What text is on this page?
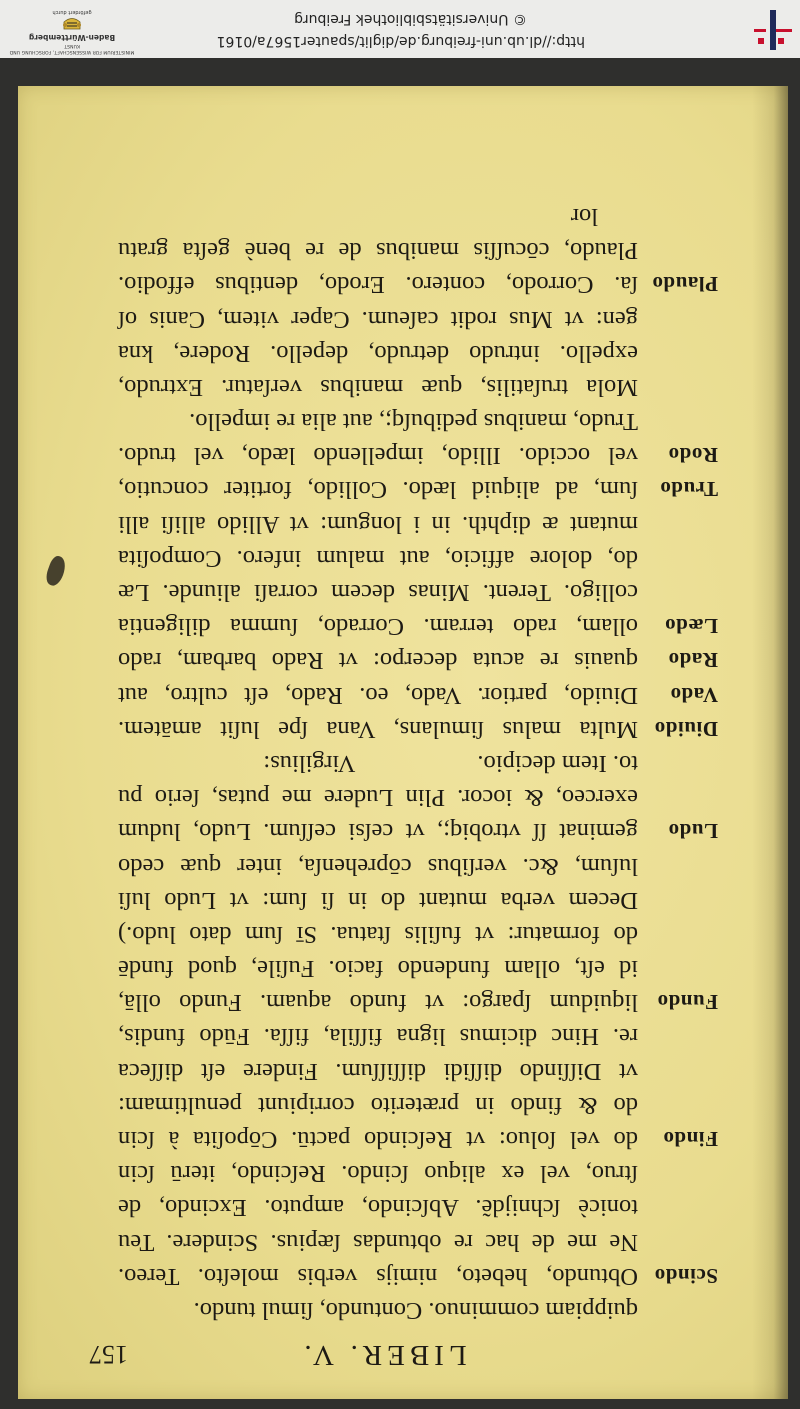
MINISTERIUM FÜR WISSENSCHAFT, FORSCHUNG UND KUNST
Baden-Württemberg
gefördert durch
http://dl.ub.uni-freiburg.de/diglit/spauter1567a/0161
© Universitätsbibliothek Freiburg
LIBER. V.
157
quippiam comminuo. Contundo, ſimul tundo.
Scindo
Obtundo, hebeto, nimijs verbis moleſto. Tereo.
Ne me de hac re obtundas ſæpius. Scindere. Teu
tonicè ſchnijdẽ. Abſcindo, amputo. Excindo, de
ſtruo, vel ex aliquo ſcindo. Reſcindo, iterū ſcin
Findo
do vel ſoluo: vt Reſcindo pactū. Cōpoſita à ſcin
do & findo in præterito corripiunt penultimam:
vt Diſſindo diſſidi diſſiſſum. Findere eſt diſſeca
re. Hinc dicimus ligna fiſſila, fiſſa. Fūdo fundis,
Fundo
liquidum ſpargo: vt fundo aquam. Fundo ollā,
id eſt, ollam fundendo facio. Fuſile, quod fundē
do formatur: vt fuſilis ſtatua. Sī ſum dato ludo.)
Decem verba mutant do in ſi ſum: vt Ludo luſi
luſum, &c. verſibus cōprehenſa, inter quæ cedo
Ludo
geminat ſſ vtrobiq;, vt ceſsi ceſſum. Ludo, ludum
exerceo, & iocor. Plin Ludere me putas, ſerio pu
to. Item decipio.                    Virgilius:
Diuido
Multa malus ſimulans, Vana ſpe luſit amātem.
Vado
Diuido, partior. Vado, eo. Rado, eſt cultro, aut
Rado
quauis re acuta decerpo: vt Rado barbam, rado
Lædo
ollam, rado terram. Corrado, ſumma diligentia
colligo. Terent. Minas decem corraſi aliunde. Læ
do, dolore afficio, aut malum infero. Compoſita
mutant æ diphth. in i longum: vt Allido alliſi alli
Trudo
ſum, ad aliquid lædo. Collido, fortiter concutio,
Rodo
vel occido. Illido, impellendo lædo, vel trudo.
Trudo, manibus pedibuſq;, aut alia re impello.
Mola truſatilis, quæ manibus verſatur. Extrudo,
expello. intrudo detrudo, depello. Rodere, kna
gen: vt Mus rodit caſeum. Caper vitem, Canis oſ
Plaudo
ſa. Corrodo, contero. Erodo, dentibus effodio.
Plaudo, cōcuſſis manibus de re benè geſta gratu
lor
